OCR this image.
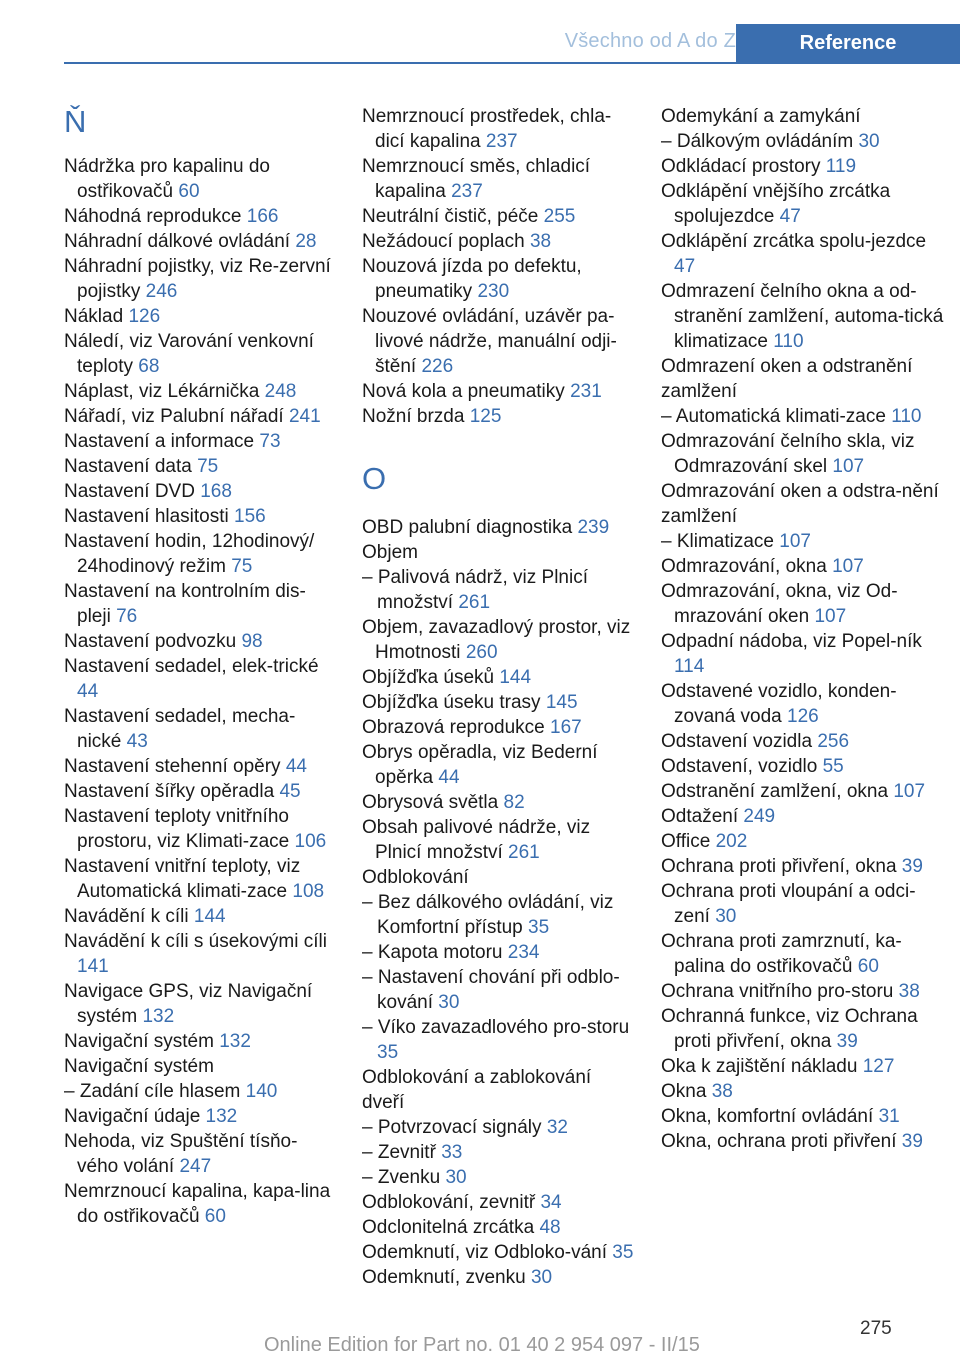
Všechno od A do Z	Reference
Ň
Nádržka pro kapalinu do ostřikovačů 60
Náhodná reprodukce 166
Náhradní dálkové ovládání 28
Náhradní pojistky, viz Re-zervní pojistky 246
Náklad 126
Náledí, viz Varování venkovní teploty 68
Náplast, viz Lékárnička 248
Nářadí, viz Palubní nářadí 241
Nastavení a informace 73
Nastavení data 75
Nastavení DVD 168
Nastavení hlasitosti 156
Nastavení hodin, 12hodinový/ 24hodinový režim 75
Nastavení na kontrolním dis-pleji 76
Nastavení podvozku 98
Nastavení sedadel, elek-trické 44
Nastavení sedadel, mecha-nické 43
Nastavení stehenní opěry 44
Nastavení šířky opěradla 45
Nastavení teploty vnitřního prostoru, viz Klimati-zace 106
Nastavení vnitřní teploty, viz Automatická klimati-zace 108
Navádění k cíli 144
Navádění k cíli s úsekovými cíli 141
Navigace GPS, viz Navigační systém 132
Navigační systém 132
Navigační systém
– Zadání cíle hlasem 140
Navigační údaje 132
Nehoda, viz Spuštění tísňo-vého volání 247
Nemrznoucí kapalina, kapa-lina do ostřikovačů 60
Nemrznoucí prostředek, chla-dicí kapalina 237
Nemrznoucí směs, chladicí kapalina 237
Neutrální čistič, péče 255
Nežádoucí poplach 38
Nouzová jízda po defektu, pneumatiky 230
Nouzové ovládání, uzávěr pa-livové nádrže, manuální odji-štění 226
Nová kola a pneumatiky 231
Nožní brzda 125
O
OBD palubní diagnostika 239
Objem
– Palivová nádrž, viz Plnicí množství 261
Objem, zavazadlový prostor, viz Hmotnosti 260
Objížďka úseků 144
Objížďka úseku trasy 145
Obrazová reprodukce 167
Obrys opěradla, viz Bederní opěrka 44
Obrysová světla 82
Obsah palivové nádrže, viz Plnicí množství 261
Odblokování
– Bez dálkového ovládání, viz Komfortní přístup 35
– Kapota motoru 234
– Nastavení chování při odblo-kování 30
– Víko zavazadlového pro-storu 35
Odblokování a zablokování dveří
– Potvrzovací signály 32
– Zevnitř 33
– Zvenku 30
Odblokování, zevnitř 34
Odclonitelná zrcátka 48
Odemknutí, viz Odbloko-vání 35
Odemknutí, zvenku 30
Odemykání a zamykání
– Dálkovým ovládáním 30
Odkládací prostory 119
Odklápění vnějšího zrcátka spolujezdce 47
Odklápění zrcátka spolu-jezdce 47
Odmrazení čelního okna a od-stranění zamlžení, automa-tická klimatizace 110
Odmrazení oken a odstranění zamlžení
– Automatická klimati-zace 110
Odmrazování čelního skla, viz Odmrazování skel 107
Odmrazování oken a odstra-nění zamlžení
– Klimatizace 107
Odmrazování, okna 107
Odmrazování, okna, viz Od-mrazování oken 107
Odpadní nádoba, viz Popel-ník 114
Odstavené vozidlo, konden-zovaná voda 126
Odstavení vozidla 256
Odstavení, vozidlo 55
Odstranění zamlžení, okna 107
Odtažení 249
Office 202
Ochrana proti přivření, okna 39
Ochrana proti vloupání a odci-zení 30
Ochrana proti zamrznutí, ka-palina do ostřikovačů 60
Ochrana vnitřního pro-storu 38
Ochranná funkce, viz Ochrana proti přivření, okna 39
Oka k zajištění nákladu 127
Okna 38
Okna, komfortní ovládání 31
Okna, ochrana proti přivření 39
275
Online Edition for Part no. 01 40 2 954 097 - II/15
